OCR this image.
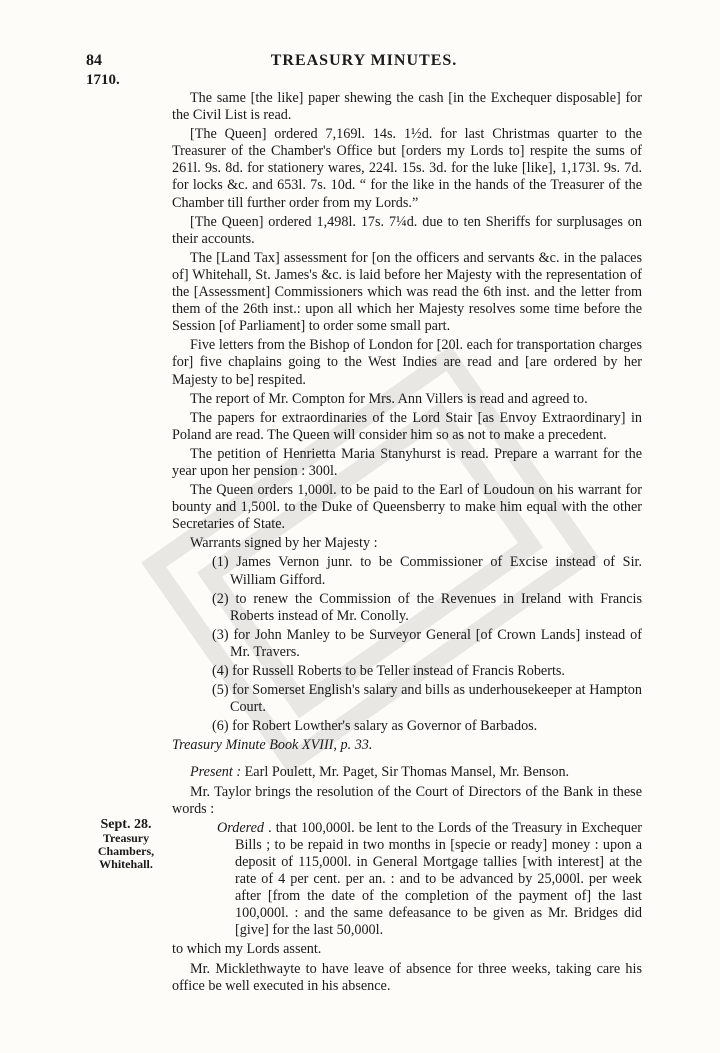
84	TREASURY MINUTES.
1710.

The same [the like] paper shewing the cash [in the Exchequer disposable] for the Civil List is read.

[The Queen] ordered 7,169l. 14s. 1½d. for last Christmas quarter to the Treasurer of the Chamber's Office but [orders my Lords to] respite the sums of 261l. 9s. 8d. for stationery wares, 224l. 15s. 3d. for the luke [like], 1,173l. 9s. 7d. for locks &c. and 653l. 7s. 10d. “ for the like in the hands of the Treasurer of the Chamber till further order from my Lords.”

[The Queen] ordered 1,498l. 17s. 7¼d. due to ten Sheriffs for surplusages on their accounts.

The [Land Tax] assessment for [on the officers and servants &c. in the palaces of] Whitehall, St. James's &c. is laid before her Majesty with the representation of the [Assessment] Commissioners which was read the 6th inst. and the letter from them of the 26th inst.: upon all which her Majesty resolves some time before the Session [of Parliament] to order some small part.

Five letters from the Bishop of London for [20l. each for transportation charges for] five chaplains going to the West Indies are read and [are ordered by her Majesty to be] respited.

The report of Mr. Compton for Mrs. Ann Villers is read and agreed to.

The papers for extraordinaries of the Lord Stair [as Envoy Extraordinary] in Poland are read. The Queen will consider him so as not to make a precedent.

The petition of Henrietta Maria Stanyhurst is read. Prepare a warrant for the year upon her pension : 300l.

The Queen orders 1,000l. to be paid to the Earl of Loudoun on his warrant for bounty and 1,500l. to the Duke of Queensberry to make him equal with the other Secretaries of State.

Warrants signed by her Majesty :

(1) James Vernon junr. to be Commissioner of Excise instead of Sir. William Gifford.
(2) to renew the Commission of the Revenues in Ireland with Francis Roberts instead of Mr. Conolly.
(3) for John Manley to be Surveyor General [of Crown Lands] instead of Mr. Travers.
(4) for Russell Roberts to be Teller instead of Francis Roberts.
(5) for Somerset English's salary and bills as underhousekeeper at Hampton Court.
(6) for Robert Lowther's salary as Governor of Barbados.

Treasury Minute Book XVIII, p. 33.

Present : Earl Poulett, Mr. Paget, Sir Thomas Mansel, Mr. Benson.

Mr. Taylor brings the resolution of the Court of Directors of the Bank in these words :

Ordered . that 100,000l. be lent to the Lords of the Treasury in Exchequer Bills ; to be repaid in two months in [specie or ready] money : upon a deposit of 115,000l. in General Mortgage tallies [with interest] at the rate of 4 per cent. per an. : and to be advanced by 25,000l. per week after [from the date of the completion of the payment of] the last 100,000l. : and the same defeasance to be given as Mr. Bridges did [give] for the last 50,000l.

to which my Lords assent.

Mr. Micklethwayte to have leave of absence for three weeks, taking care his office be well executed in his absence.

Sept. 28.
Treasury
Chambers,
Whitehall.
